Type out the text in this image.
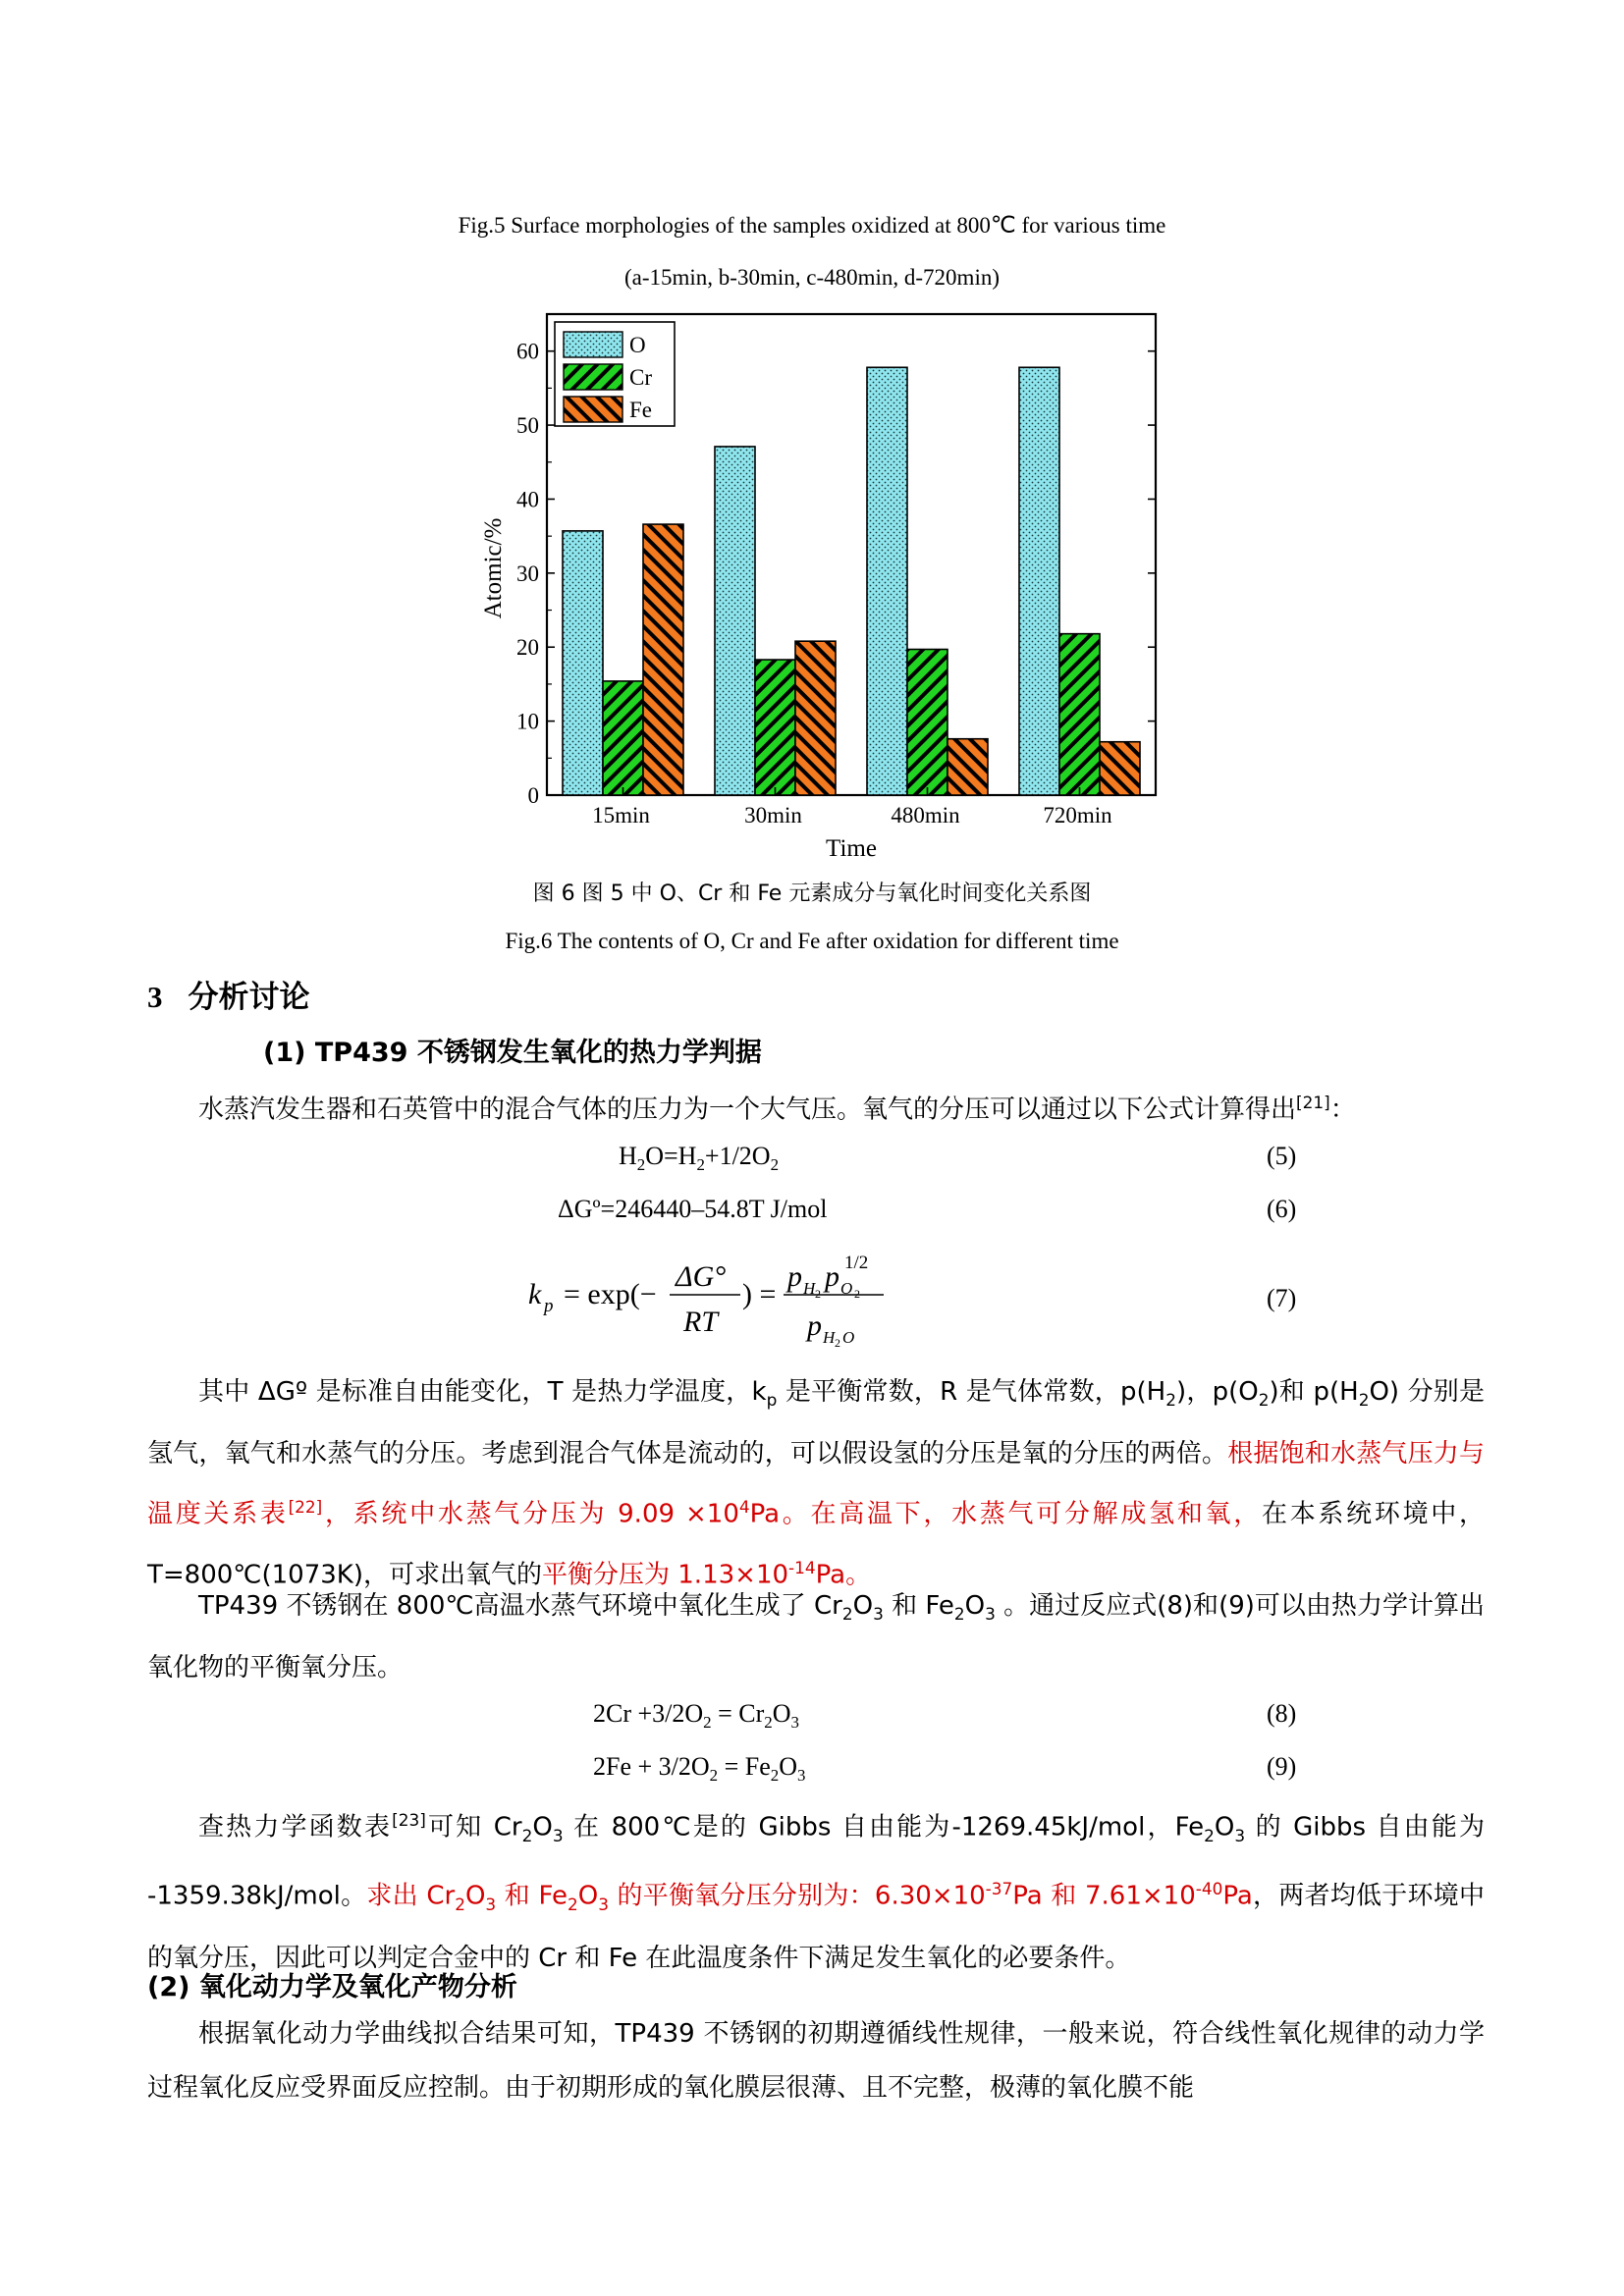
Fig.5 Surface morphologies of the samples oxidized at 800℃ for various time
(a-15min, b-30min, c-480min, d-720min)
0
10
20
30
40
50
60
15min	30min	480min	720min
Time
Atomic/%
O
Cr
Fe
图 6 图 5 中 O、Cr 和 Fe 元素成分与氧化时间变化关系图
Fig.6 The contents of O, Cr and Fe after oxidation for different time
3 分析讨论
(1) TP439 不锈钢发生氧化的热力学判据
水蒸汽发生器和石英管中的混合气体的压力为一个大气压。氧气的分压可以通过以下公式计算得出[21]：
$H_2O=H_2+1/2O_2$	(5)
ΔGº=246440–54.8T J/mol	(6)
k p = exp(−
ΔG°
RT
) =
p H 2
p O 2
1/2
p H 2 O
(7)
其中 ΔGº 是标准自由能变化，T 是热力学温度，$k_p$ 是平衡常数，R 是气体常数，$p(H_2)$，$p(O_2)$和 $p(H_2O)$ 分别是氢气，氧气和水蒸气的分压。考虑到混合气体是流动的，可以假设氢的分压是氧的分压的两倍。根据饱和水蒸气压力与温度关系表[22]，系统中水蒸气分压为 $9.09 \times 10^4Pa$。在高温下，水蒸气可分解成氢和氧，在本系统环境中，T=800℃(1073K)，可求出氧气的平衡分压为 $1.13\times 10^{-14}Pa$。
TP439 不锈钢在 800℃高温水蒸气环境中氧化生成了 $Cr_2O_3$ 和 $Fe_2O_3$ 。通过反应式(8)和(9)可以由热力学计算出氧化物的平衡氧分压。
$2Cr +3/2O_2 = Cr_2O_3$	(8)
$2Fe + 3/2O_2 = Fe_2O_3$	(9)
查热力学函数表[23]可知 $Cr_2O_3$ 在 800℃是的 Gibbs 自由能为-1269.45kJ/mol，$Fe_2O_3$ 的 Gibbs 自由能为 -1359.38kJ/mol。求出 $Cr_2O_3$ 和 $Fe_2O_3$ 的平衡氧分压分别为：$6.30\times 10^{-37}Pa$ 和 $7.61\times 10^{-40}Pa$，两者均低于环境中的氧分压，因此可以判定合金中的 Cr 和 Fe 在此温度条件下满足发生氧化的必要条件。
(2) 氧化动力学及氧化产物分析
根据氧化动力学曲线拟合结果可知，TP439 不锈钢的初期遵循线性规律，一般来说，符合线性氧化规律的动力学过程氧化反应受界面反应控制。由于初期形成的氧化膜层很薄、且不完整，极薄的氧化膜不能
